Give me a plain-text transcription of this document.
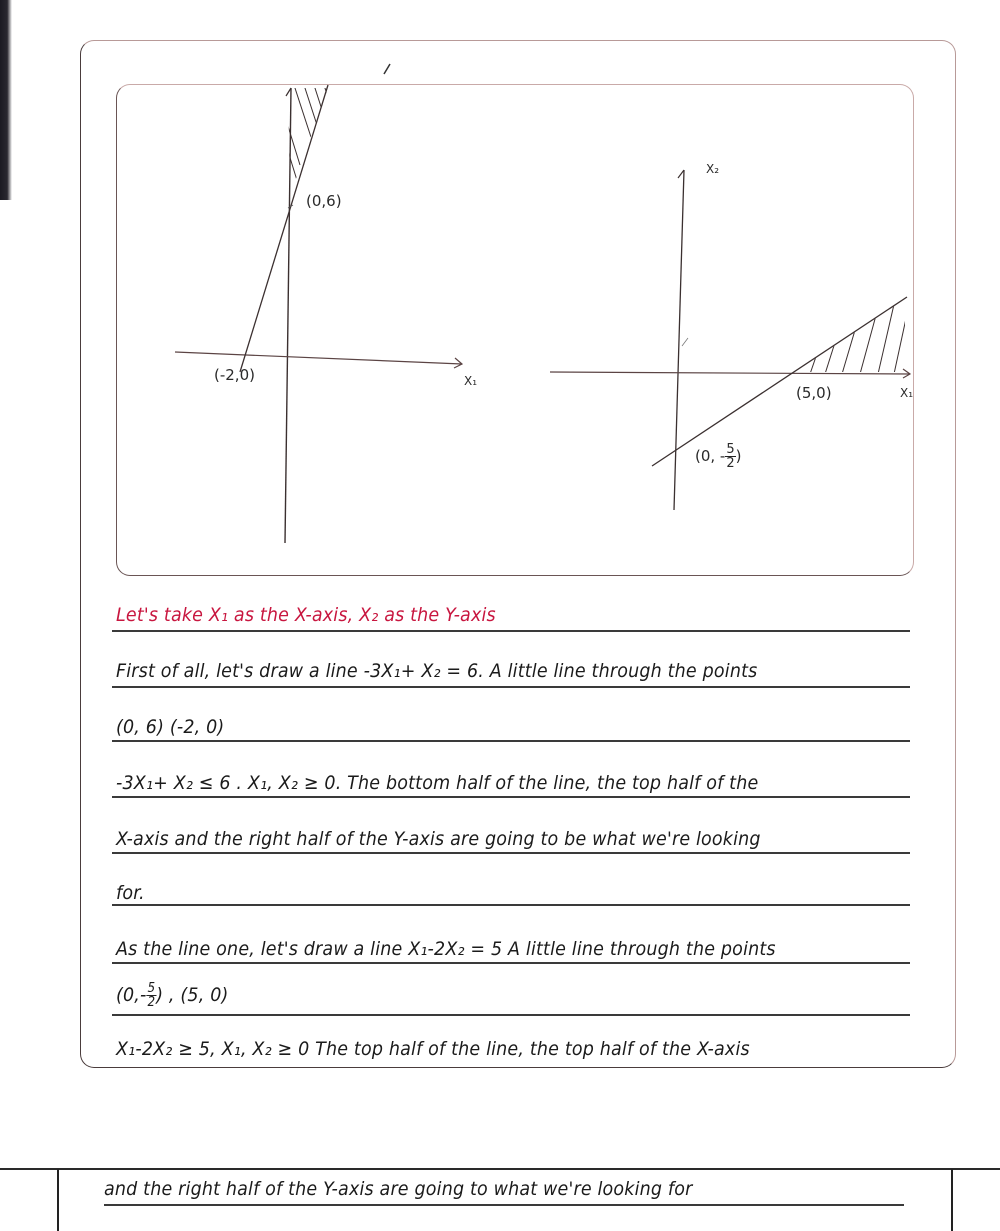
(0,6)
(-2,0)	X₁
X₂
X₁
(5,0)
(0, - $\frac{5}{2}$ )
Let's take X₁ as the X-axis, X₂ as the Y-axis
First of all, let's draw a line -3X₁+ X₂ = 6. A little line through the points
(0, 6) (-2, 0)
-3X₁+ X₂ ≤ 6 . X₁, X₂ ≥ 0. The bottom half of the line, the top half of the
X-axis and the right half of the Y-axis are going to be what we're looking
for.
As the line one, let's draw a line X₁-2X₂ = 5 A little line through the points
($0,- \frac{5}{2}$ ) , (5, 0)
X₁-2X₂ ≥ 5, X₁, X₂ ≥ 0 The top half of the line, the top half of the X-axis
and the right half of the Y-axis are going to what we're looking for
